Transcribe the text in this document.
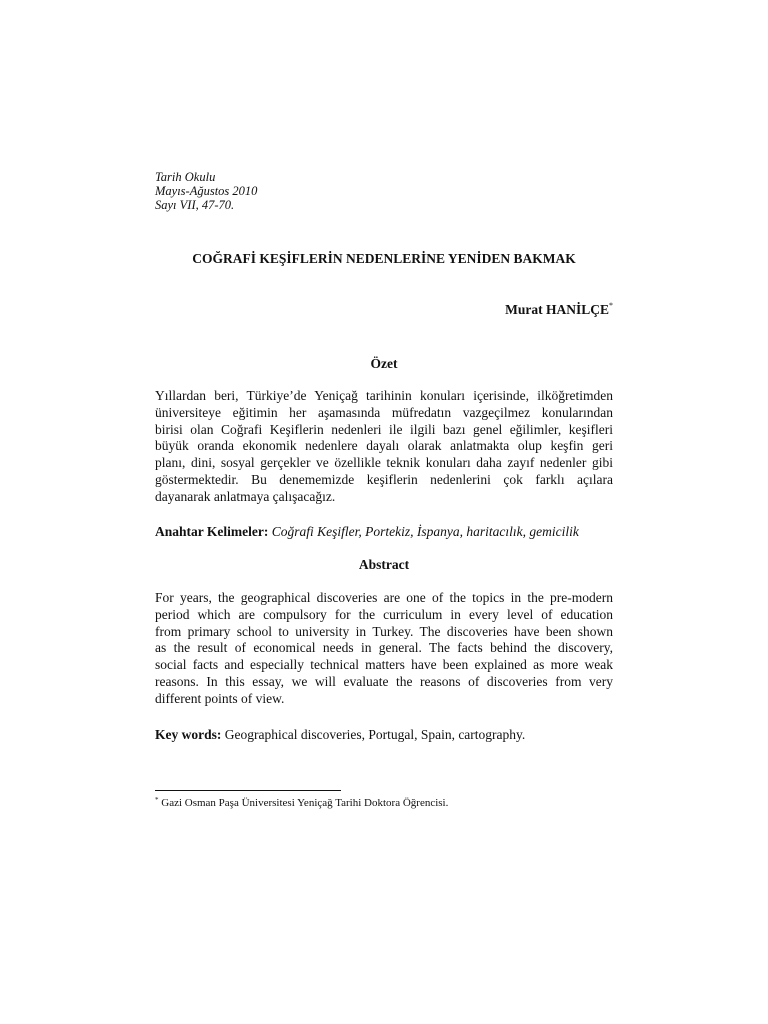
Tarih Okulu
Mayıs-Ağustos 2010
Sayı VII, 47-70.
COĞRAFİ KEŞİFLERİN NEDENLERİNE YENİDEN BAKMAK
Murat HANİLÇE*
Özet
Yıllardan beri, Türkiye’de Yeniçağ tarihinin konuları içerisinde, ilköğretimden
üniversiteye eğitimin her aşamasında müfredatın vazgeçilmez konularından
birisi olan Coğrafi Keşiflerin nedenleri ile ilgili bazı genel eğilimler, keşifleri
büyük oranda ekonomik nedenlere dayalı olarak anlatmakta olup keşfin geri
planı, dini, sosyal gerçekler ve özellikle teknik konuları daha zayıf nedenler gibi
göstermektedir. Bu denememizde keşiflerin nedenlerini çok farklı açılara
dayanarak anlatmaya çalışacağız.
Anahtar Kelimeler: Coğrafi Keşifler, Portekiz, İspanya, haritacılık, gemicilik
Abstract
For years, the geographical discoveries are one of the topics in the pre-modern
period which are compulsory for the curriculum in every level of education
from primary school to university in Turkey. The discoveries have been shown
as the result of economical needs in general. The facts behind the discovery,
social facts and especially technical matters have been explained as more weak
reasons. In this essay, we will evaluate the reasons of discoveries from very
different points of view.
Key words: Geographical discoveries, Portugal, Spain, cartography.
* Gazi Osman Paşa Üniversitesi Yeniçağ Tarihi Doktora Öğrencisi.
